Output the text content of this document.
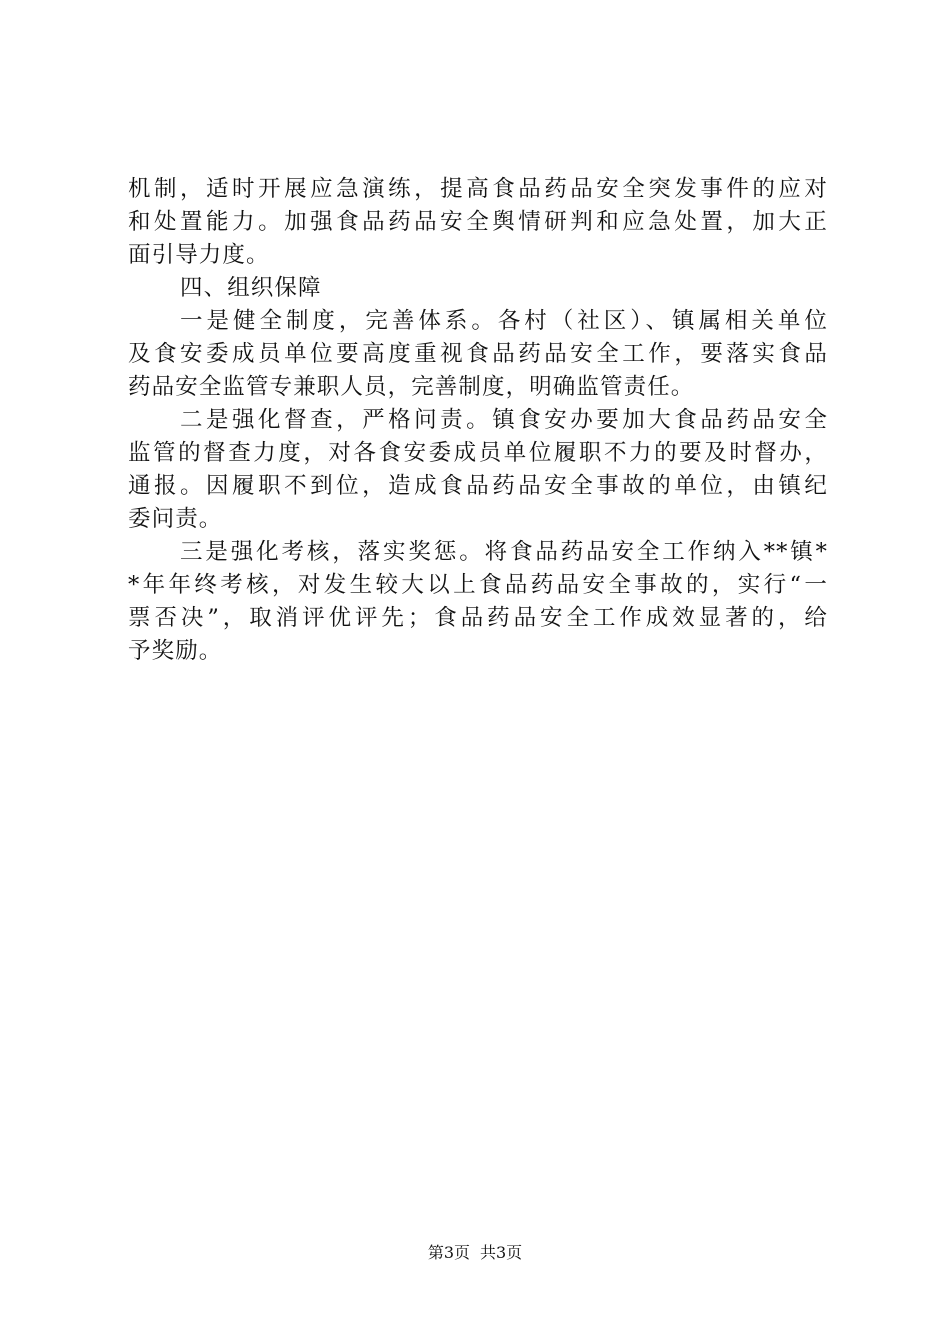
机制，适时开展应急演练，提高食品药品安全突发事件的应对
和处置能力。加强食品药品安全舆情研判和应急处置，加大正
面引导力度。
四、组织保障
一是健全制度，完善体系。各村（社区）、镇属相关单位
及食安委成员单位要高度重视食品药品安全工作，要落实食品
药品安全监管专兼职人员，完善制度，明确监管责任。
二是强化督查，严格问责。镇食安办要加大食品药品安全
监管的督查力度，对各食安委成员单位履职不力的要及时督办，
通报。因履职不到位，造成食品药品安全事故的单位，由镇纪
委问责。
三是强化考核，落实奖惩。将食品药品安全工作纳入**镇*
*年年终考核，对发生较大以上食品药品安全事故的，实行“一
票否决”，取消评优评先；食品药品安全工作成效显著的，给
予奖励。
第3页 共3页
